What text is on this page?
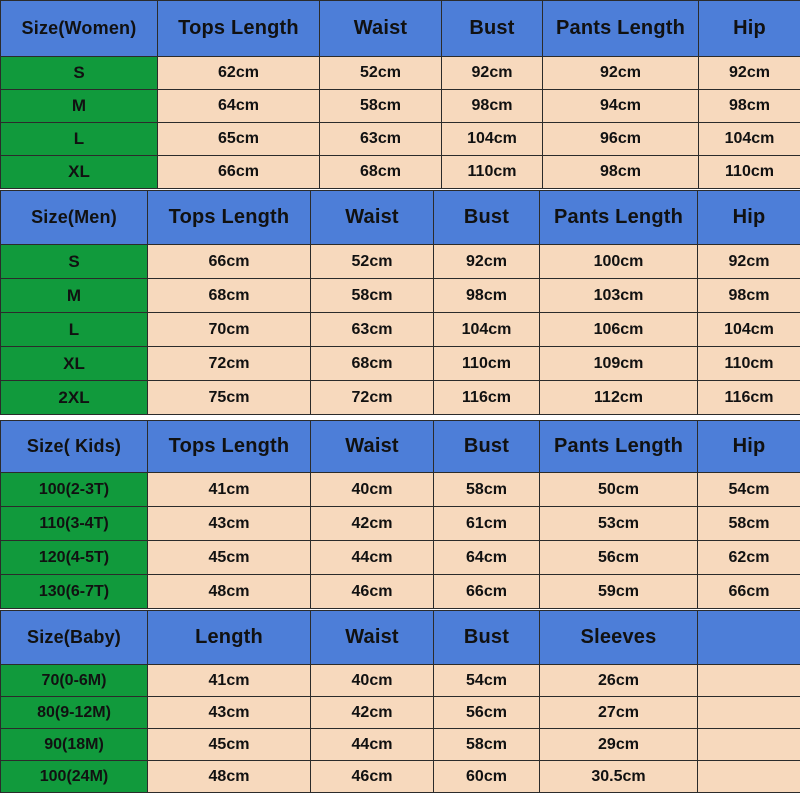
Size(Women)	Tops Length	Waist	Bust	Pants Length	Hip
S	62cm	52cm	92cm	92cm	92cm
M	64cm	58cm	98cm	94cm	98cm
L	65cm	63cm	104cm	96cm	104cm
XL	66cm	68cm	110cm	98cm	110cm
Size(Men)	Tops Length	Waist	Bust	Pants Length	Hip
S	66cm	52cm	92cm	100cm	92cm
M	68cm	58cm	98cm	103cm	98cm
L	70cm	63cm	104cm	106cm	104cm
XL	72cm	68cm	110cm	109cm	110cm
2XL	75cm	72cm	116cm	112cm	116cm
Size( Kids)	Tops Length	Waist	Bust	Pants Length	Hip
100(2-3T)	41cm	40cm	58cm	50cm	54cm
110(3-4T)	43cm	42cm	61cm	53cm	58cm
120(4-5T)	45cm	44cm	64cm	56cm	62cm
130(6-7T)	48cm	46cm	66cm	59cm	66cm
Size(Baby)	Length	Waist	Bust	Sleeves	
70(0-6M)	41cm	40cm	54cm	26cm	
80(9-12M)	43cm	42cm	56cm	27cm	
90(18M)	45cm	44cm	58cm	29cm	
100(24M)	48cm	46cm	60cm	30.5cm	
